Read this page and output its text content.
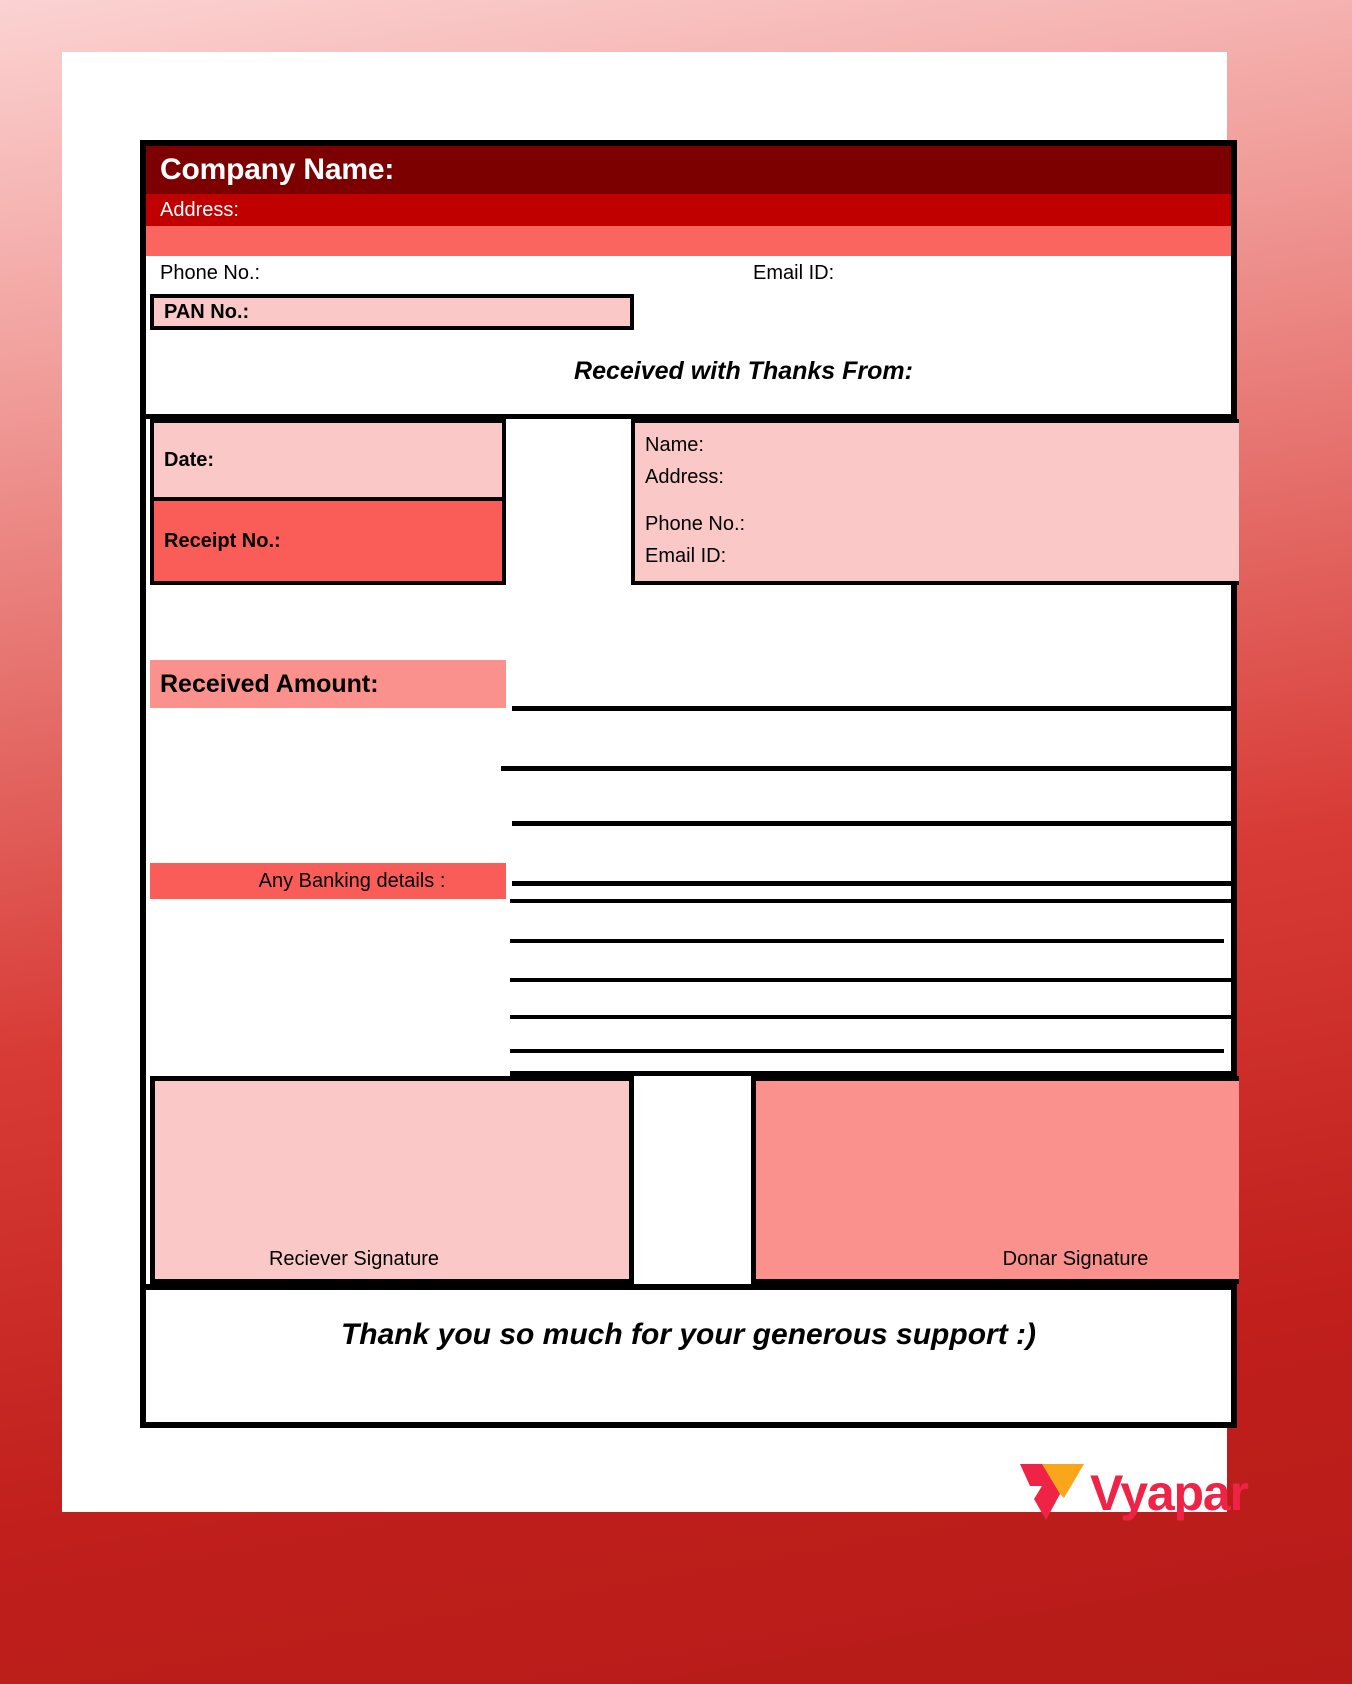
Company Name:
Address:
Phone No.:	Email ID:
PAN No.:
Received with Thanks From:
Date:
Receipt No.:
Name:
Address:
Phone No.:
Email ID:
Received Amount:
Any Banking details :
Reciever Signature	Donar Signature
Thank you so much for your generous support :)
Vyapar
